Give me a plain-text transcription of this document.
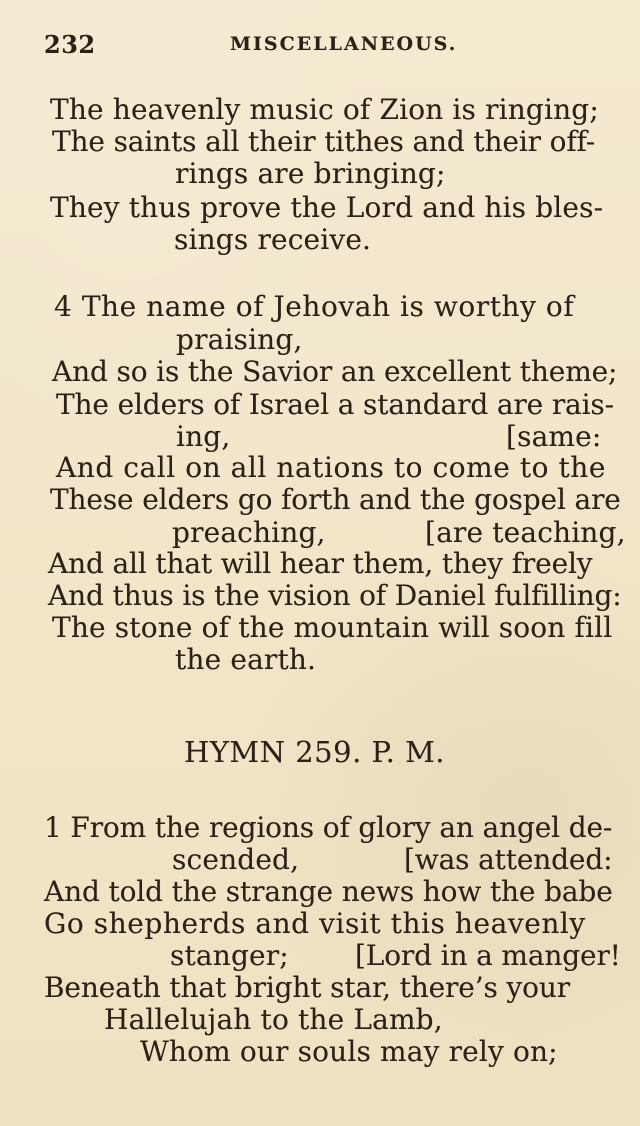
232	MISCELLANEOUS.
The heavenly music of Zion is ringing;
The saints all their tithes and their off-
rings are bringing;
They thus prove the Lord and his bles-
sings receive.
4 The name of Jehovah is worthy of
praising,
And so is the Savior an excellent theme;
The elders of Israel a standard are rais-
ing,	[same:
And call on all nations to come to the
These elders go forth and the gospel are
preaching,	[are teaching,
And all that will hear them, they freely
And thus is the vision of Daniel fulfilling:
The stone of the mountain will soon fill
the earth.
HYMN 259. P. M.
1 From the regions of glory an angel de-
scended,	[was attended:
And told the strange news how the babe
Go shepherds and visit this heavenly
stanger; [Lord in a manger!
Beneath that bright star, there’s your
Hallelujah to the Lamb,
Whom our souls may rely on;
